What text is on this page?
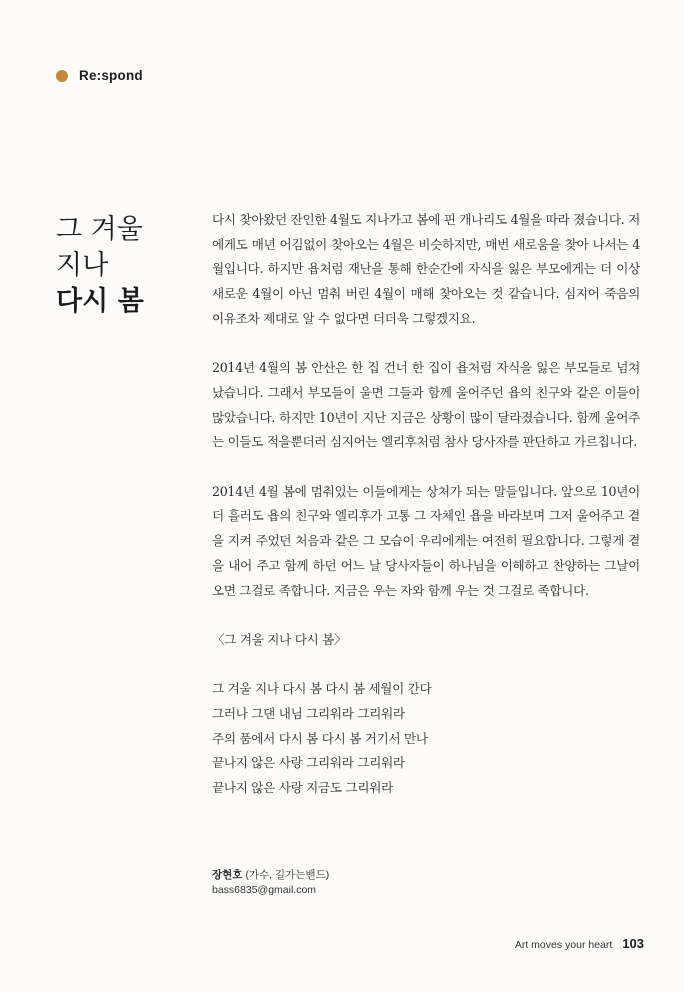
Re:spond
그 겨울
지나
다시 봄

다시 찾아왔던 잔인한 4월도 지나가고 봄에 핀 개나리도 4월을 따라 졌습니다. 저에게도 매년 어김없이 찾아오는 4월은 비슷하지만, 매번 새로움을 찾아 나서는 4월입니다. 하지만 욥처럼 재난을 통해 한순간에 자식을 잃은 부모에게는 더 이상 새로운 4월이 아닌 멈춰 버린 4월이 매해 찾아오는 것 같습니다. 심지어 죽음의 이유조차 제대로 알 수 없다면 더더욱 그렇겠지요.

2014년 4월의 봄 안산은 한 집 건너 한 집이 욥처럼 자식을 잃은 부모들로 넘쳐났습니다. 그래서 부모들이 울면 그들과 함께 울어주던 욥의 친구와 같은 이들이 많았습니다. 하지만 10년이 지난 지금은 상황이 많이 달라졌습니다. 함께 울어주는 이들도 적을뿐더러 심지어는 엘리후처럼 참사 당사자를 판단하고 가르칩니다.

2014년 4월 봄에 멈춰있는 이들에게는 상처가 되는 말들입니다. 앞으로 10년이 더 흘러도 욥의 친구와 엘리후가 고통 그 자체인 욥을 바라보며 그저 울어주고 곁을 지켜 주었던 처음과 같은 그 모습이 우리에게는 여전히 필요합니다. 그렇게 곁을 내어 주고 함께 하던 어느 날 당사자들이 하나님을 이해하고 찬양하는 그날이 오면 그걸로 족합니다. 지금은 우는 자와 함께 우는 것 그걸로 족합니다.

〈그 겨울 지나 다시 봄〉

그 겨울 지나 다시 봄 다시 봄 세월이 간다
그러나 그댄 내님 그리워라 그리워라
주의 품에서 다시 봄 다시 봄 거기서 만나
끝나지 않은 사랑 그리워라 그리워라
끝나지 않은 사랑 지금도 그리워라
장현호 (가수, 길가는밴드)
bass6835@gmail.com
Art moves your heart 103
